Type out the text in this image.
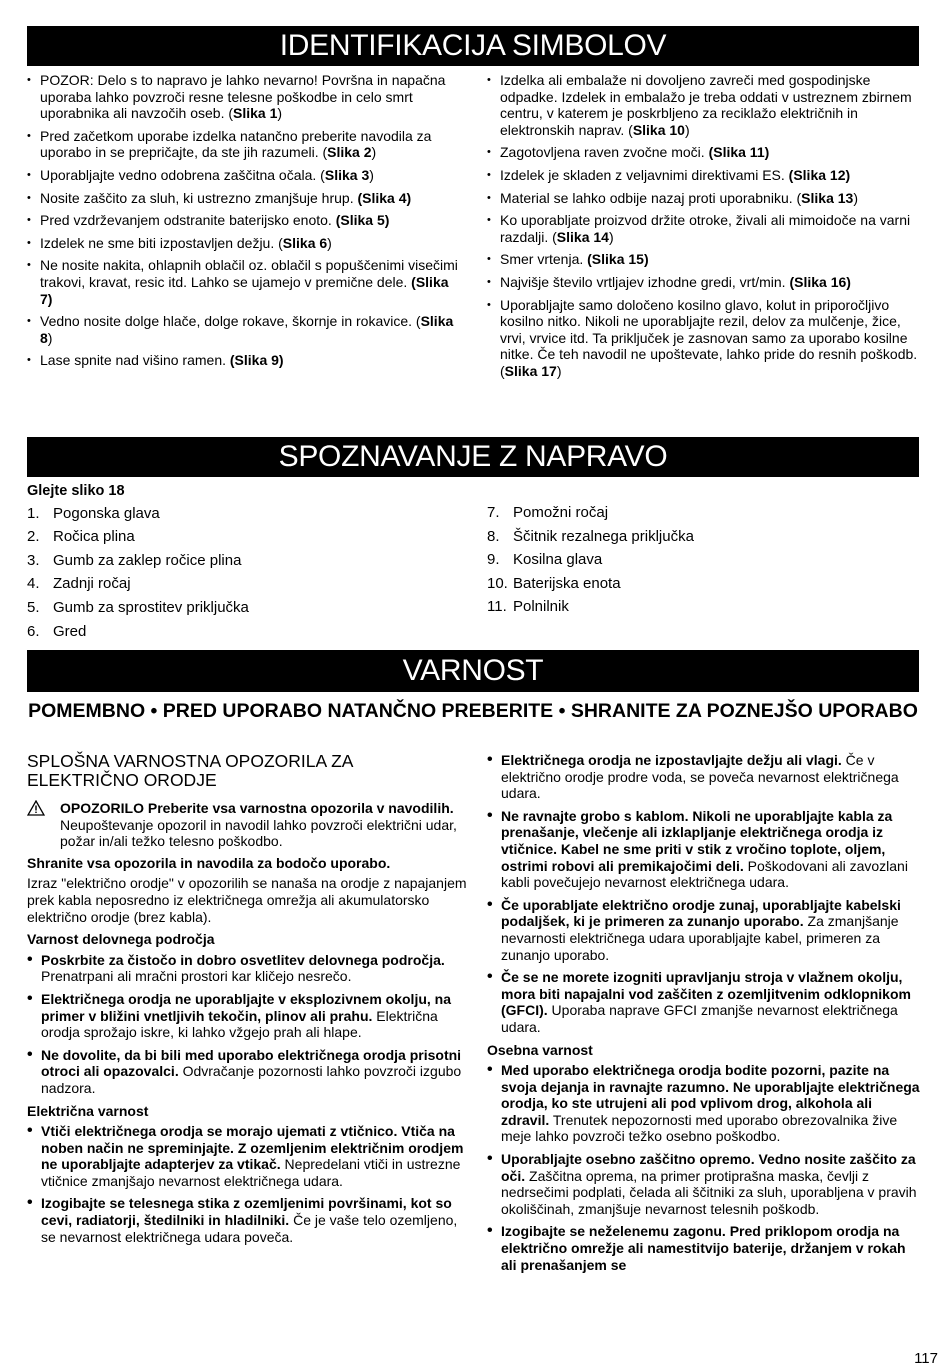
IDENTIFIKACIJA SIMBOLOV
• POZOR: Delo s to napravo je lahko nevarno! Površna in napačna uporaba lahko povzroči resne telesne poškodbe in celo smrt uporabnika ali navzočih oseb. (Slika 1)
• Pred začetkom uporabe izdelka natančno preberite navodila za uporabo in se prepričajte, da ste jih razumeli. (Slika 2)
• Uporabljajte vedno odobrena zaščitna očala. (Slika 3)
• Nosite zaščito za sluh, ki ustrezno zmanjšuje hrup. (Slika 4)
• Pred vzdrževanjem odstranite baterijsko enoto. (Slika 5)
• Izdelek ne sme biti izpostavljen dežju. (Slika 6)
• Ne nosite nakita, ohlapnih oblačil oz. oblačil s popuščenimi visečimi trakovi, kravat, resic itd. Lahko se ujamejo v premične dele. (Slika 7)
• Vedno nosite dolge hlače, dolge rokave, škornje in rokavice. (Slika 8)
• Lase spnite nad višino ramen. (Slika 9)
• Izdelka ali embalaže ni dovoljeno zavreči med gospodinjske odpadke. Izdelek in embalažo je treba oddati v ustreznem zbirnem centru, v katerem je poskrbljeno za reciklažo električnih in elektronskih naprav. (Slika 10)
• Zagotovljena raven zvočne moči. (Slika 11)
• Izdelek je skladen z veljavnimi direktivami ES. (Slika 12)
• Material se lahko odbije nazaj proti uporabniku. (Slika 13)
• Ko uporabljate proizvod držite otroke, živali ali mimoidoče na varni razdalji. (Slika 14)
• Smer vrtenja. (Slika 15)
• Najvišje število vrtljajev izhodne gredi, vrt/min. (Slika 16)
• Uporabljajte samo določeno kosilno glavo, kolut in priporočljivo kosilno nitko. Nikoli ne uporabljajte rezil, delov za mulčenje, žice, vrvi, vrvice itd. Ta priključek je zasnovan samo za uporabo kosilne nitke. Če teh navodil ne upoštevate, lahko pride do resnih poškodb. (Slika 17)
SPOZNAVANJE Z NAPRAVO
Glejte sliko 18
1. Pogonska glava
2. Ročica plina
3. Gumb za zaklep ročice plina
4. Zadnji ročaj
5. Gumb za sprostitev priključka
6. Gred
7. Pomožni ročaj
8. Ščitnik rezalnega priključka
9. Kosilna glava
10. Baterijska enota
11. Polnilnik
VARNOST
POMEMBNO • PRED UPORABO NATANČNO PREBERITE • SHRANITE ZA POZNEJŠO UPORABO
SPLOŠNA VARNOSTNA OPOZORILA ZA ELEKTRIČNO ORODJE
OPOZORILO Preberite vsa varnostna opozorila v navodilih. Neupoštevanje opozoril in navodil lahko povzroči električni udar, požar in/ali težko telesno poškodbo.
Shranite vsa opozorila in navodila za bodočo uporabo.
Izraz "električno orodje" v opozorilih se nanaša na orodje z napajanjem prek kabla neposredno iz električnega omrežja ali akumulatorsko električno orodje (brez kabla).
Varnost delovnega področja
• Poskrbite za čistočo in dobro osvetlitev delovnega področja. Prenatrpani ali mračni prostori kar kličejo nesrečo.
• Električnega orodja ne uporabljajte v eksplozivnem okolju, na primer v bližini vnetljivih tekočin, plinov ali prahu. Električna orodja sprožajo iskre, ki lahko vžgejo prah ali hlape.
• Ne dovolite, da bi bili med uporabo električnega orodja prisotni otroci ali opazovalci. Odvračanje pozornosti lahko povzroči izgubo nadzora.
Električna varnost
• Vtiči električnega orodja se morajo ujemati z vtičnico. Vtiča na noben način ne spreminjajte. Z ozemljenim električnim orodjem ne uporabljajte adapterjev za vtikač. Nepredelani vtiči in ustrezne vtičnice zmanjšajo nevarnost električnega udara.
• Izogibajte se telesnega stika z ozemljenimi površinami, kot so cevi, radiatorji, štedilniki in hladilniki. Če je vaše telo ozemljeno, se nevarnost električnega udara poveča.
• Električnega orodja ne izpostavljajte dežju ali vlagi. Če v električno orodje prodre voda, se poveča nevarnost električnega udara.
• Ne ravnajte grobo s kablom. Nikoli ne uporabljajte kabla za prenašanje, vlečenje ali izklapljanje električnega orodja iz vtičnice. Kabel ne sme priti v stik z vročino toplote, oljem, ostrimi robovi ali premikajočimi deli. Poškodovani ali zavozlani kabli povečujejo nevarnost električnega udara.
• Če uporabljate električno orodje zunaj, uporabljajte kabelski podaljšek, ki je primeren za zunanjo uporabo. Za zmanjšanje nevarnosti električnega udara uporabljajte kabel, primeren za zunanjo uporabo.
• Če se ne morete izogniti upravljanju stroja v vlažnem okolju, mora biti napajalni vod zaščiten z ozemljitvenim odklopnikom (GFCI). Uporaba naprave GFCI zmanjše nevarnost električnega udara.
Osebna varnost
• Med uporabo električnega orodja bodite pozorni, pazite na svoja dejanja in ravnajte razumno. Ne uporabljajte električnega orodja, ko ste utrujeni ali pod vplivom drog, alkohola ali zdravil. Trenutek nepozornosti med uporabo obrezovalnika žive meje lahko povzroči težko osebno poškodbo.
• Uporabljajte osebno zaščitno opremo. Vedno nosite zaščito za oči. Zaščitna oprema, na primer protiprašna maska, čevlji z nedrsečimi podplati, čelada ali ščitniki za sluh, uporabljena v pravih okoliščinah, zmanjšuje nevarnost telesnih poškodb.
• Izogibajte se neželenemu zagonu. Pred priklopom orodja na električno omrežje ali namestitvijo baterije, držanjem v rokah ali prenašanjem se
117
